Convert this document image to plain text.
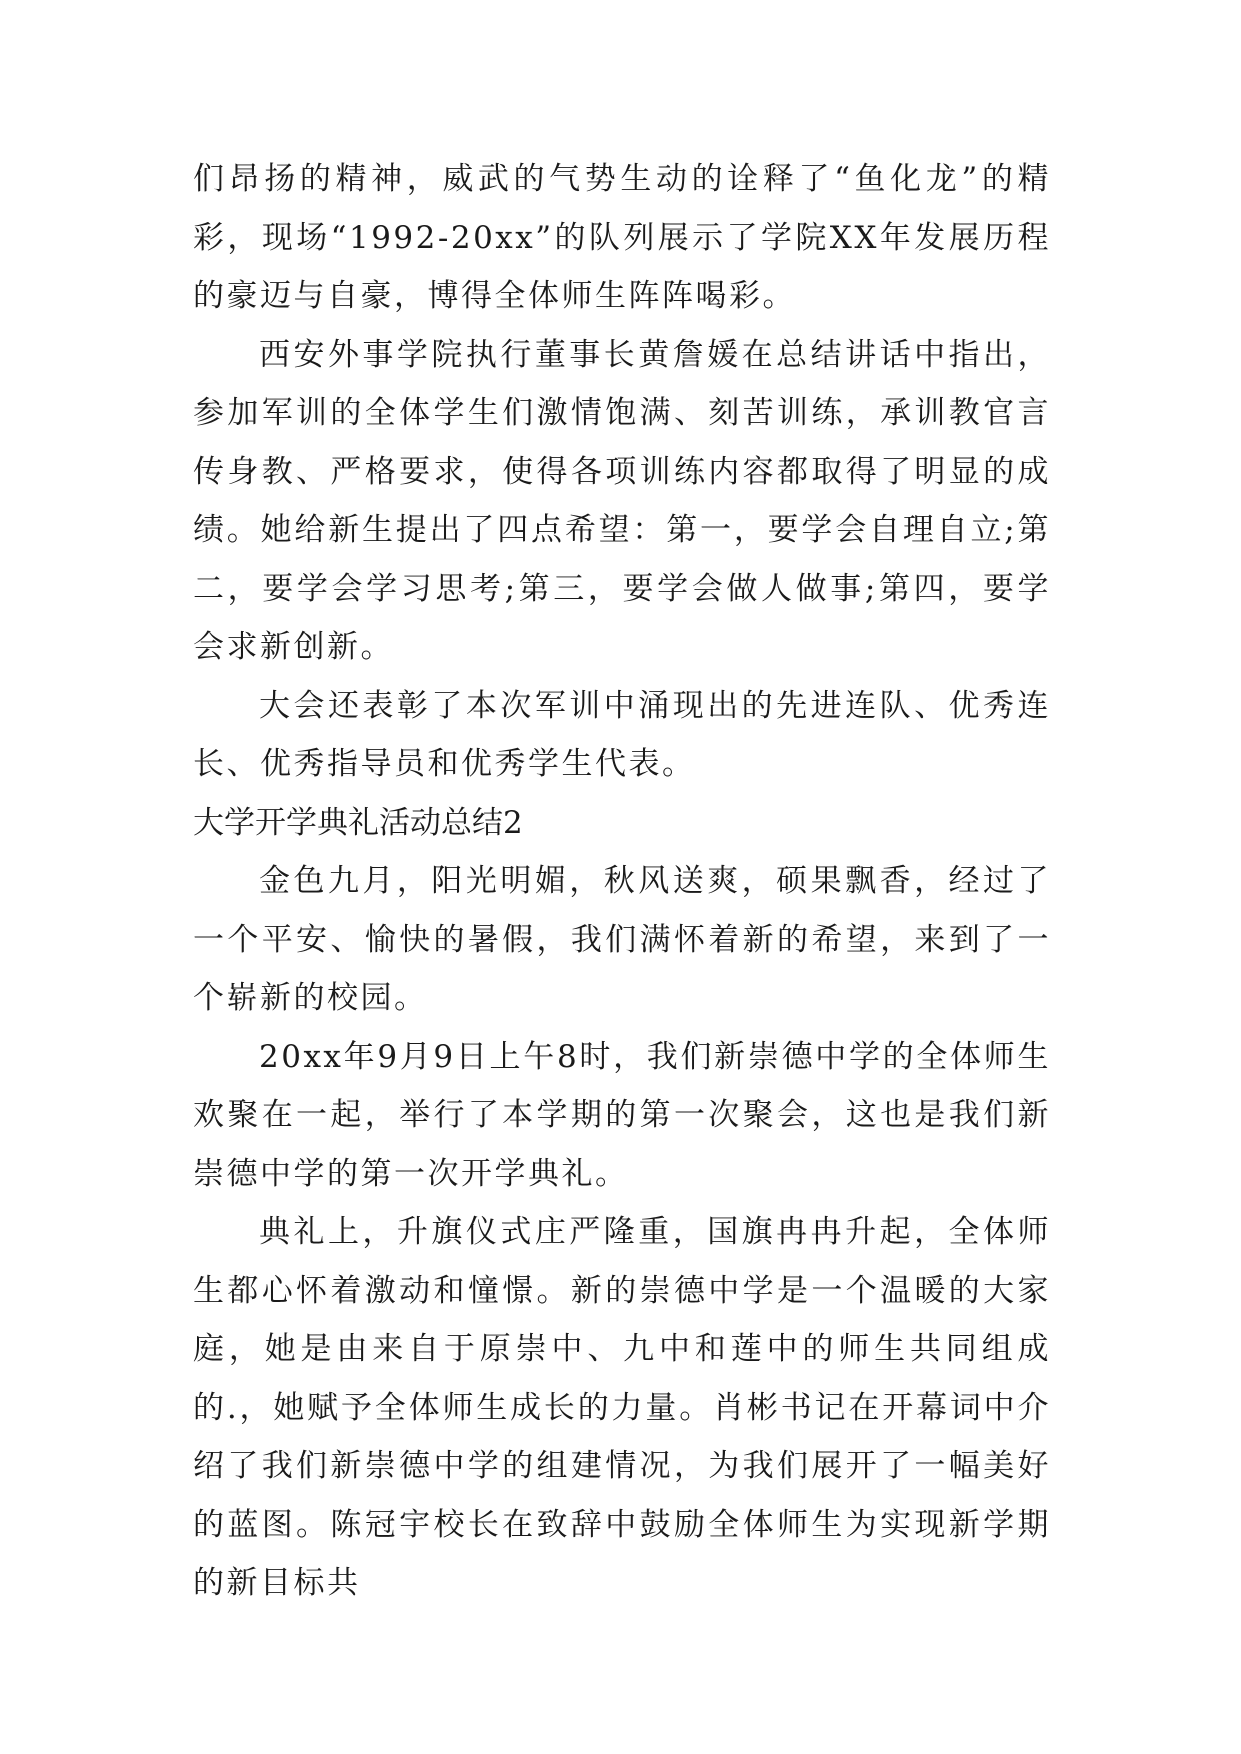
们昂扬的精神，威武的气势生动的诠释了“鱼化龙”的精彩，现场“1992-20xx”的队列展示了学院XX年发展历程的豪迈与自豪，博得全体师生阵阵喝彩。

西安外事学院执行董事长黄詹媛在总结讲话中指出，参加军训的全体学生们激情饱满、刻苦训练，承训教官言传身教、严格要求，使得各项训练内容都取得了明显的成绩。她给新生提出了四点希望：第一，要学会自理自立;第二，要学会学习思考;第三，要学会做人做事;第四，要学会求新创新。

大会还表彰了本次军训中涌现出的先进连队、优秀连长、优秀指导员和优秀学生代表。

大学开学典礼活动总结2

金色九月，阳光明媚，秋风送爽，硕果飘香，经过了一个平安、愉快的暑假，我们满怀着新的希望，来到了一个崭新的校园。

20xx年9月9日上午8时，我们新崇德中学的全体师生欢聚在一起，举行了本学期的第一次聚会，这也是我们新崇德中学的第一次开学典礼。

典礼上，升旗仪式庄严隆重，国旗冉冉升起，全体师生都心怀着激动和憧憬。新的崇德中学是一个温暖的大家庭，她是由来自于原崇中、九中和莲中的师生共同组成的.，她赋予全体师生成长的力量。肖彬书记在开幕词中介绍了我们新崇德中学的组建情况，为我们展开了一幅美好的蓝图。陈冠宇校长在致辞中鼓励全体师生为实现新学期的新目标共
